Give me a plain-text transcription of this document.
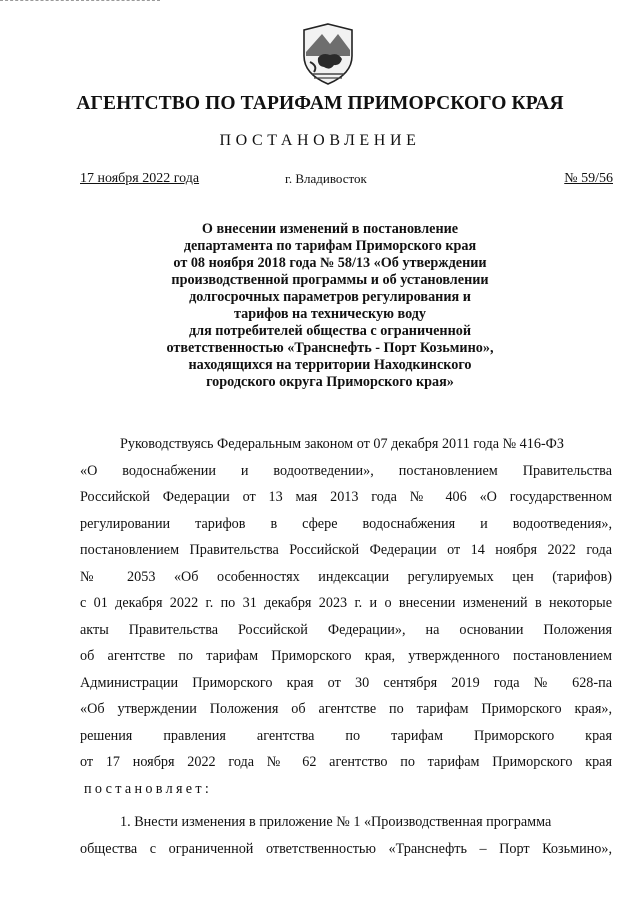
АГЕНТСТВО ПО ТАРИФАМ ПРИМОРСКОГО КРАЯ
ПОСТАНОВЛЕНИЕ
17 ноября 2022 года	г. Владивосток	№ 59/56
О внесении изменений в постановление
департамента по тарифам Приморского края
от 08 ноября 2018 года № 58/13 «Об утверждении
производственной программы и об установлении
долгосрочных параметров регулирования и
тарифов на техническую воду
для потребителей общества с ограниченной
ответственностью «Транснефть - Порт Козьмино»,
находящихся на территории Находкинского
городского округа Приморского края»
Руководствуясь Федеральным законом от 07 декабря 2011 года № 416-ФЗ
«О водоснабжении и водоотведении», постановлением Правительства
Российской Федерации от 13 мая 2013 года № 406 «О государственном
регулировании тарифов в сфере водоснабжения и водоотведения»,
постановлением Правительства Российской Федерации от 14 ноября 2022 года
№ 2053 «Об особенностях индексации регулируемых цен (тарифов)
с 01 декабря 2022 г. по 31 декабря 2023 г. и о внесении изменений в некоторые
акты Правительства Российской Федерации», на основании Положения
об агентстве по тарифам Приморского края, утвержденного постановлением
Администрации Приморского края от 30 сентября 2019 года № 628-па
«Об утверждении Положения об агентстве по тарифам Приморского края»,
решения правления агентства по тарифам Приморского края
от 17 ноября 2022 года № 62 агентство по тарифам Приморского края
постановляет:
1. Внести изменения в приложение № 1 «Производственная программа
общества с ограниченной ответственностью «Транснефть – Порт Козьмино»,
